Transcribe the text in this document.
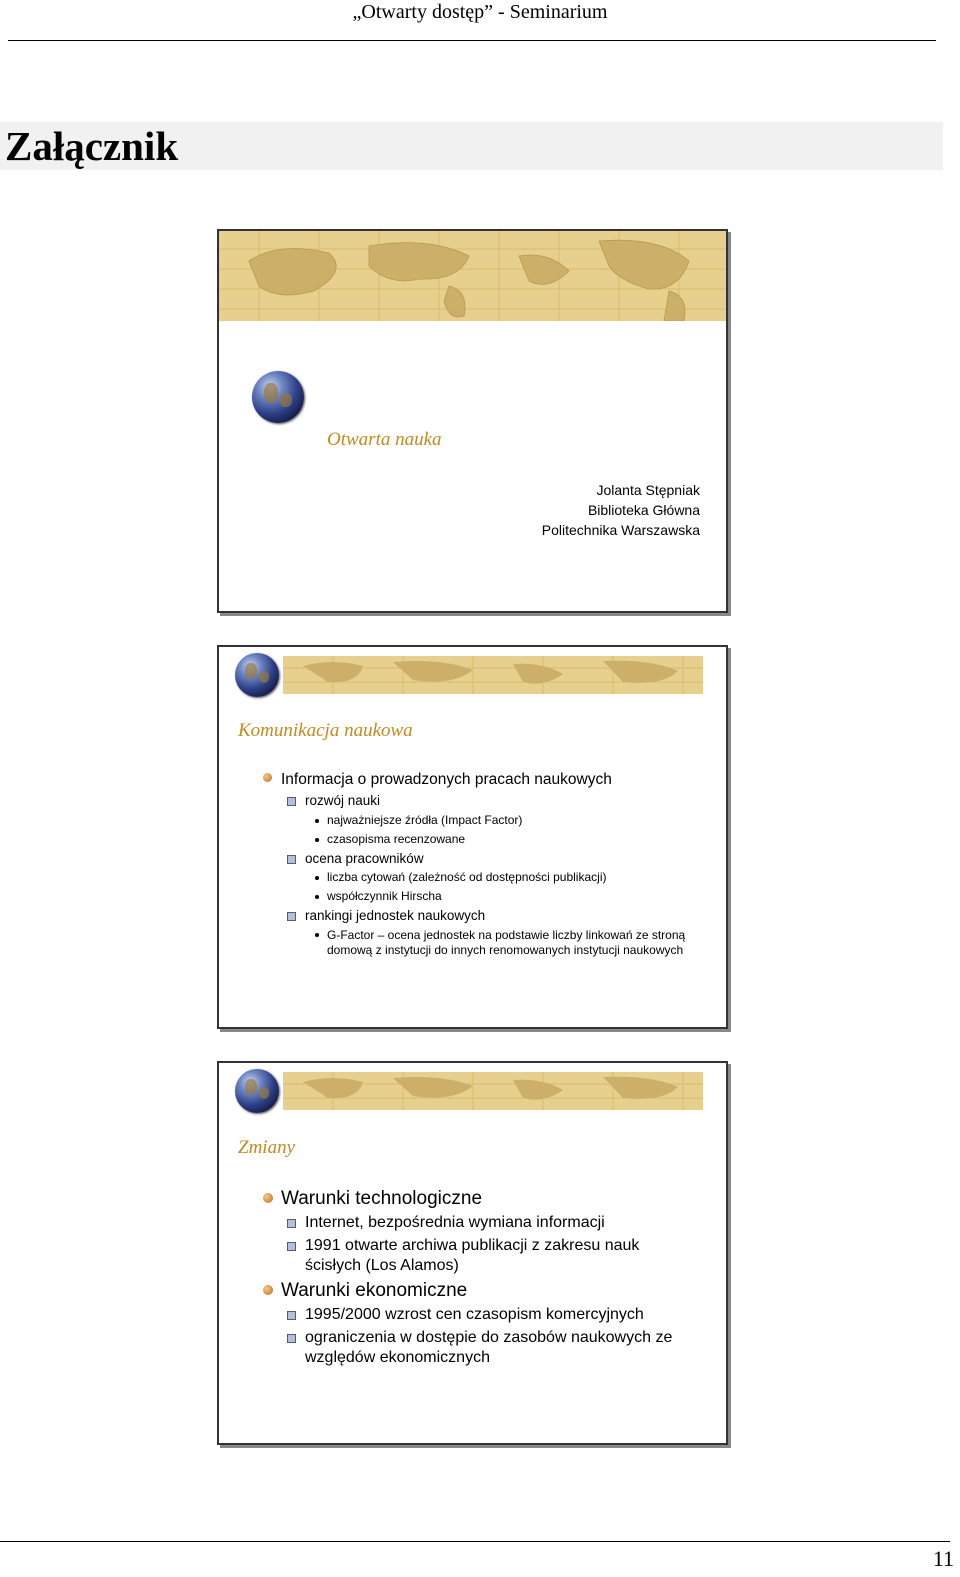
„Otwarty dostęp” - Seminarium
Załącznik
Otwarta nauka
Jolanta Stępniak
Biblioteka Główna
Politechnika Warszawska
Komunikacja naukowa
Informacja o prowadzonych pracach naukowych
rozwój nauki
najważniejsze źródła (Impact Factor)
czasopisma recenzowane
ocena pracowników
liczba cytowań (zależność od dostępności publikacji)
współczynnik Hirscha
rankingi jednostek naukowych
G-Factor – ocena jednostek na podstawie liczby linkowań ze stroną domową z instytucji do innych renomowanych instytucji naukowych
Zmiany
Warunki technologiczne
Internet, bezpośrednia wymiana informacji
1991 otwarte archiwa publikacji z zakresu nauk ścisłych (Los Alamos)
Warunki ekonomiczne
1995/2000 wzrost cen czasopism komercyjnych
ograniczenia w dostępie do zasobów naukowych ze względów ekonomicznych
11
